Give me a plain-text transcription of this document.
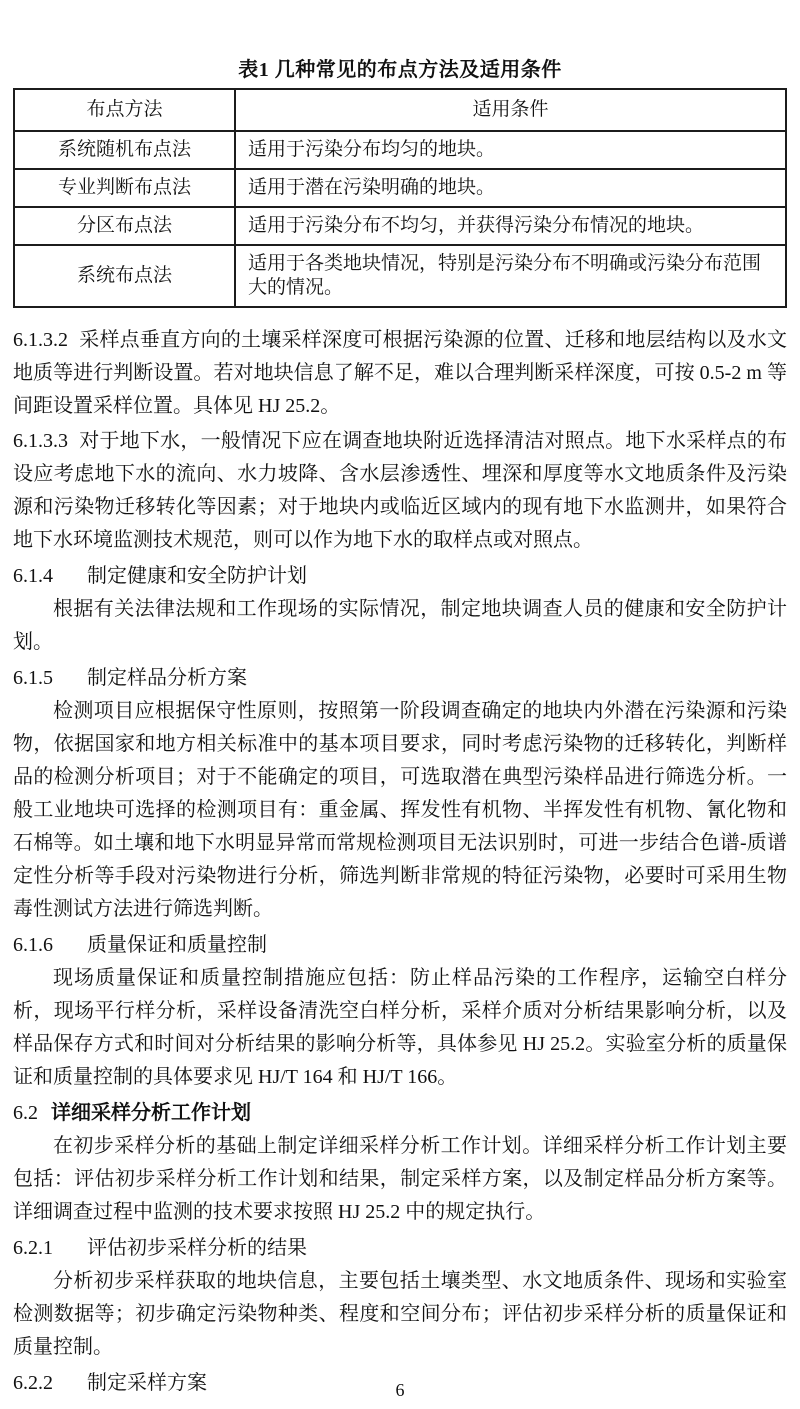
表1 几种常见的布点方法及适用条件
布点方法	适用条件
系统随机布点法	适用于污染分布均匀的地块。
专业判断布点法	适用于潜在污染明确的地块。
分区布点法	适用于污染分布不均匀，并获得污染分布情况的地块。
系统布点法	适用于各类地块情况，特别是污染分布不明确或污染分布范围大的情况。

6.1.3.2 采样点垂直方向的土壤采样深度可根据污染源的位置、迁移和地层结构以及水文地质等进行判断设置。若对地块信息了解不足，难以合理判断采样深度，可按 0.5-2 m 等间距设置采样位置。具体见 HJ 25.2。

6.1.3.3 对于地下水，一般情况下应在调查地块附近选择清洁对照点。地下水采样点的布设应考虑地下水的流向、水力坡降、含水层渗透性、埋深和厚度等水文地质条件及污染源和污染物迁移转化等因素；对于地块内或临近区域内的现有地下水监测井，如果符合地下水环境监测技术规范，则可以作为地下水的取样点或对照点。

6.1.4 制定健康和安全防护计划

根据有关法律法规和工作现场的实际情况，制定地块调查人员的健康和安全防护计划。

6.1.5 制定样品分析方案

检测项目应根据保守性原则，按照第一阶段调查确定的地块内外潜在污染源和污染物，依据国家和地方相关标准中的基本项目要求，同时考虑污染物的迁移转化，判断样品的检测分析项目；对于不能确定的项目，可选取潜在典型污染样品进行筛选分析。一般工业地块可选择的检测项目有：重金属、挥发性有机物、半挥发性有机物、氰化物和石棉等。如土壤和地下水明显异常而常规检测项目无法识别时，可进一步结合色谱-质谱定性分析等手段对污染物进行分析，筛选判断非常规的特征污染物，必要时可采用生物毒性测试方法进行筛选判断。

6.1.6 质量保证和质量控制

现场质量保证和质量控制措施应包括：防止样品污染的工作程序，运输空白样分析，现场平行样分析，采样设备清洗空白样分析，采样介质对分析结果影响分析，以及样品保存方式和时间对分析结果的影响分析等，具体参见 HJ 25.2。实验室分析的质量保证和质量控制的具体要求见 HJ/T 164 和 HJ/T 166。

6.2 详细采样分析工作计划

在初步采样分析的基础上制定详细采样分析工作计划。详细采样分析工作计划主要包括：评估初步采样分析工作计划和结果，制定采样方案，以及制定样品分析方案等。详细调查过程中监测的技术要求按照 HJ 25.2 中的规定执行。

6.2.1 评估初步采样分析的结果

分析初步采样获取的地块信息，主要包括土壤类型、水文地质条件、现场和实验室检测数据等；初步确定污染物种类、程度和空间分布；评估初步采样分析的质量保证和质量控制。

6.2.2 制定采样方案	6
